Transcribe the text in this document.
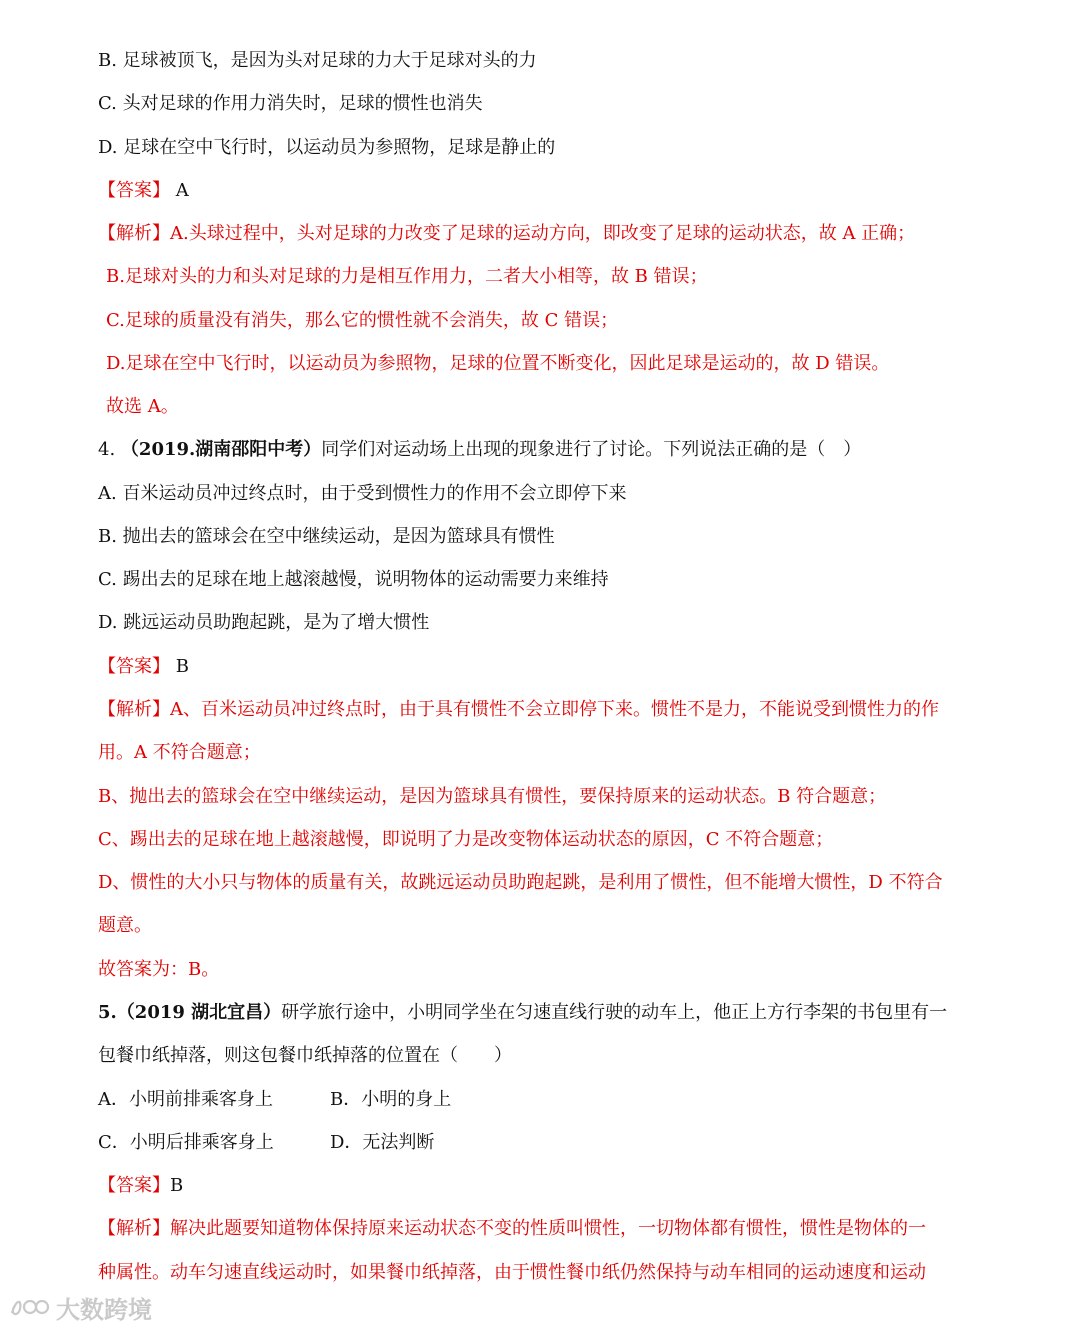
B. 足球被顶飞，是因为头对足球的力大于足球对头的力
C. 头对足球的作用力消失时，足球的惯性也消失
D. 足球在空中飞行时，以运动员为参照物，足球是静止的
【答案】 A
【解析】A.头球过程中，头对足球的力改变了足球的运动方向，即改变了足球的运动状态，故 A 正确；
B.足球对头的力和头对足球的力是相互作用力，二者大小相等，故 B 错误；
C.足球的质量没有消失，那么它的惯性就不会消失，故 C 错误；
D.足球在空中飞行时，以运动员为参照物，足球的位置不断变化，因此足球是运动的，故 D 错误。
故选 A。
4. （2019.湖南邵阳中考）同学们对运动场上出现的现象进行了讨论。下列说法正确的是（　）
A. 百米运动员冲过终点时，由于受到惯性力的作用不会立即停下来
B. 抛出去的篮球会在空中继续运动，是因为篮球具有惯性
C. 踢出去的足球在地上越滚越慢，说明物体的运动需要力来维持
D. 跳远运动员助跑起跳，是为了增大惯性
【答案】 B
【解析】A、百米运动员冲过终点时，由于具有惯性不会立即停下来。惯性不是力，不能说受到惯性力的作
用。A 不符合题意；
B、抛出去的篮球会在空中继续运动，是因为篮球具有惯性，要保持原来的运动状态。B 符合题意；
C、踢出去的足球在地上越滚越慢，即说明了力是改变物体运动状态的原因，C 不符合题意；
D、惯性的大小只与物体的质量有关，故跳远运动员助跑起跳，是利用了惯性，但不能增大惯性，D 不符合
题意。
故答案为：B。
5.（2019 湖北宜昌）研学旅行途中，小明同学坐在匀速直线行驶的动车上，他正上方行李架的书包里有一
包餐巾纸掉落，则这包餐巾纸掉落的位置在（　　）
A．小明前排乘客身上	B．小明的身上
C．小明后排乘客身上	D．无法判断
【答案】B
【解析】解决此题要知道物体保持原来运动状态不变的性质叫惯性，一切物体都有惯性，惯性是物体的一
种属性。动车匀速直线运动时，如果餐巾纸掉落，由于惯性餐巾纸仍然保持与动车相同的运动速度和运动
大数跨境
